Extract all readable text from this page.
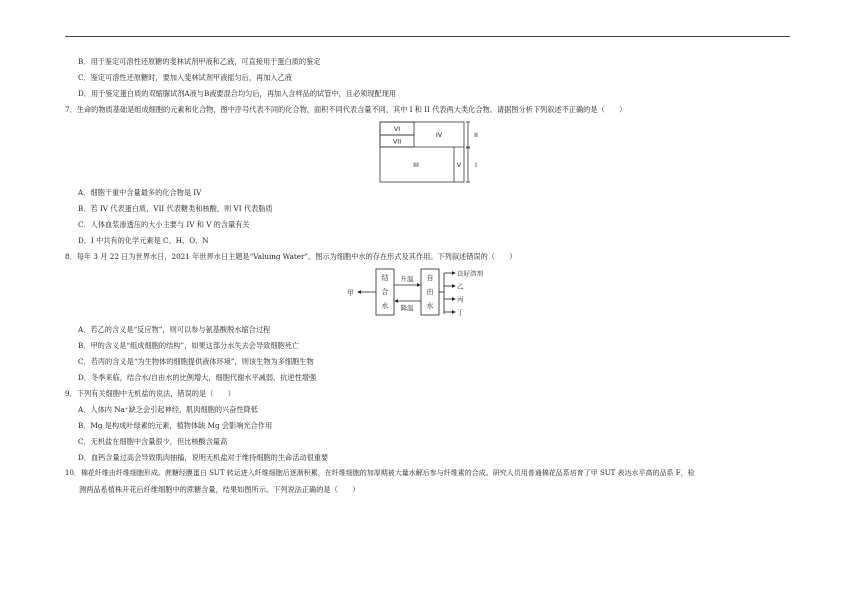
B．用于鉴定可溶性还原糖的斐林试剂甲液和乙液，可直接用于蛋白质的鉴定
C．鉴定可溶性还原糖时，要加入斐林试剂甲液摇匀后，再加入乙液
D．用于鉴定蛋白质的双缩脲试剂A液与B液要混合均匀后，再加入含样品的试管中，且必须现配现用
7．生命的物质基础是组成细胞的元素和化合物，图中序号代表不同的化合物，面积不同代表含量不同，其中 I 和 II 代表两大类化合物。请据图分析下列叙述不正确的是（　　）
VI
VII
IV
III	V
II
I
A．细胞干重中含量最多的化合物是 IV
B．若 IV 代表蛋白质，VII 代表糖类和核酸，则 VI 代表脂质
C．人体血浆渗透压的大小主要与 IV 和 V 的含量有关
D．I 中共有的化学元素是 C、H、O、N
8．每年 3 月 22 日为世界水日，2021 年世界水日主题是“Valuing Water”。图示为细胞中水的存在形式及其作用。下列叙述错误的（　　）
甲
结
合
水
自
由
水
升温
降温
良好溶剂
乙
丙
丁
A．若乙的含义是“反应物”，则可以参与氨基酸脱水缩合过程
B．甲的含义是“组成细胞的结构”，如果这部分水失去会导致细胞死亡
C．若丙的含义是“为生物体的细胞提供液体环境”，则该生物为多细胞生物
D．冬季来临，结合水/自由水的比例增大，细胞代谢水平减弱、抗逆性增强
9．下列有关细胞中无机盐的说法，错误的是（　　）
A．人体内 Na⁺缺乏会引起神经、肌肉细胞的兴奋性降低
B．Mg 是构成叶绿素的元素，植物体缺 Mg 会影响光合作用
C．无机盐在细胞中含量很少，但比核酸含量高
D．血钙含量过高会导致肌肉抽搐，说明无机盐对于维持细胞的生命活动很重要
10．棉花纤维由纤维细胞形成。蔗糖经膜蛋白 SUT 转运进入纤维细胞后逐渐积累，在纤维细胞的加厚期被大量水解后参与纤维素的合成。研究人员用普通棉花品系培育了甲 SUT 表达水平高的品系 F，检
测两品系植株开花后纤维细胞中的蔗糖含量，结果如图所示。下列说法正确的是（　　）
